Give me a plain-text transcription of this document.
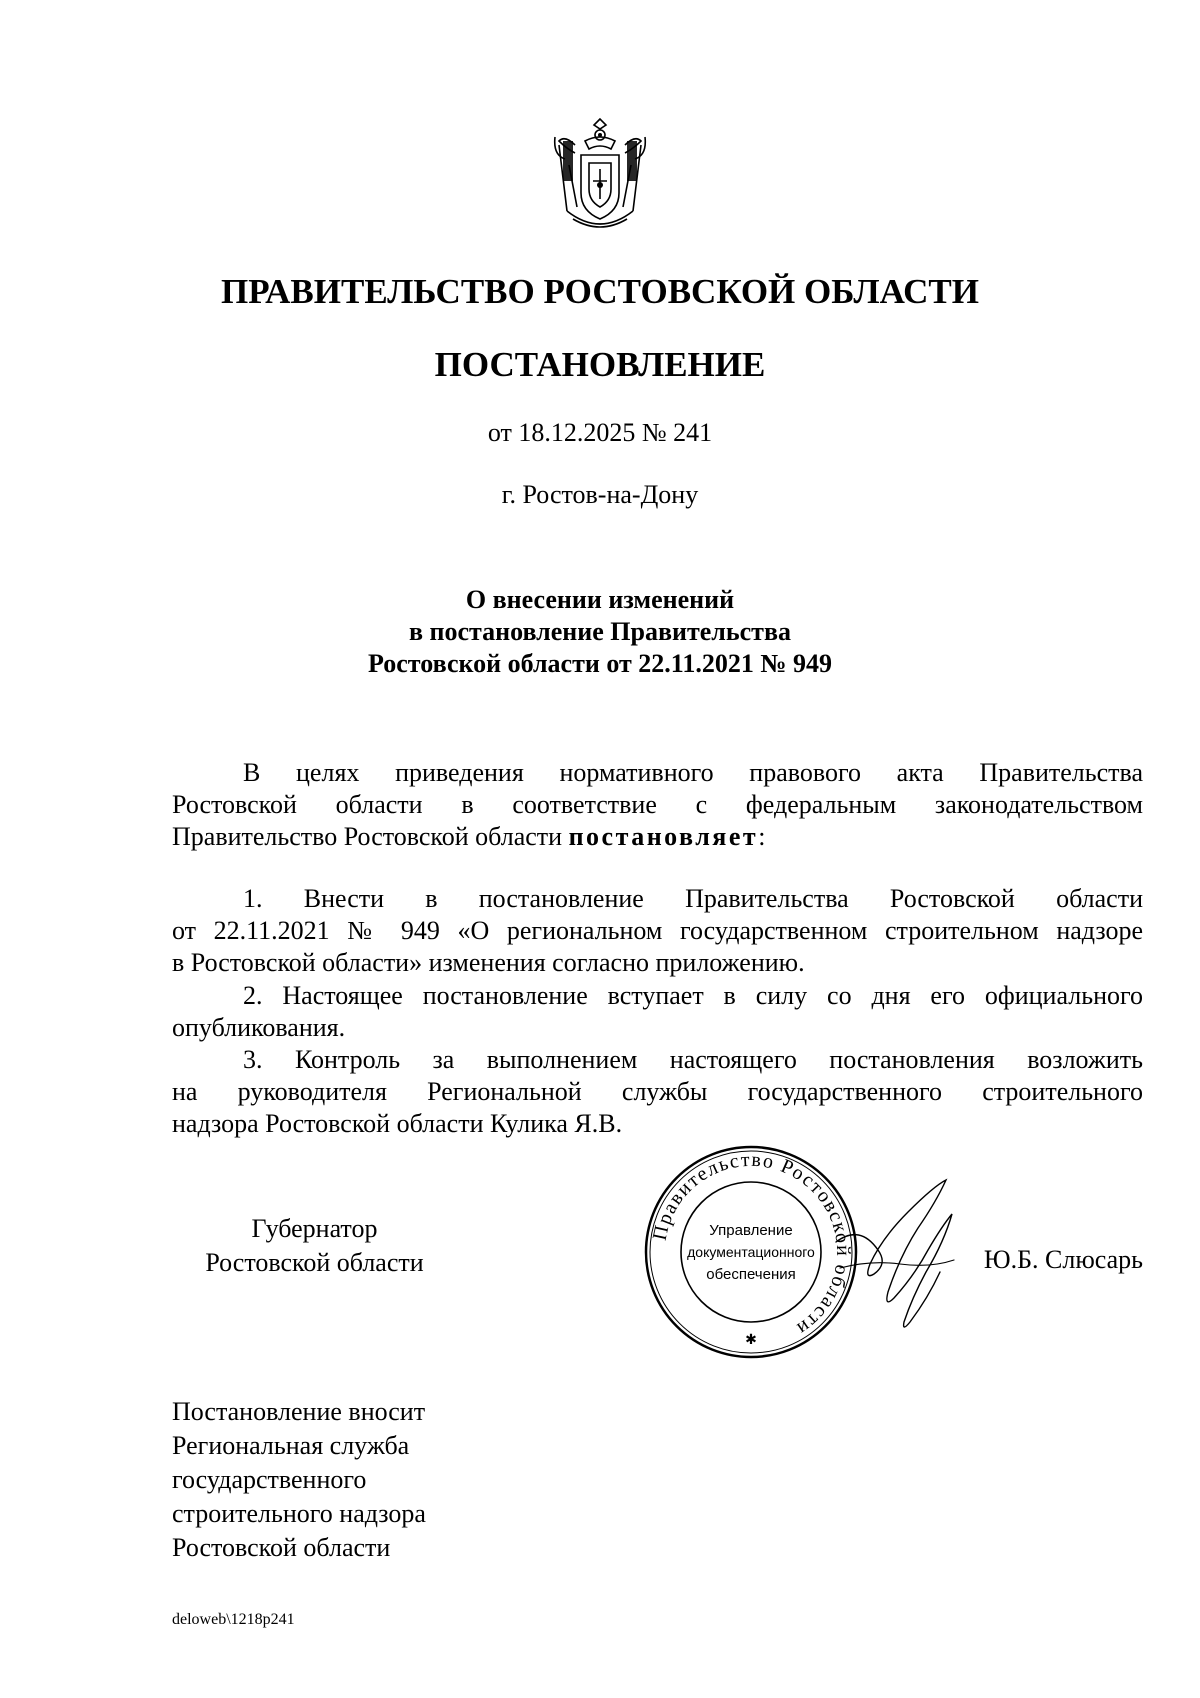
ПРАВИТЕЛЬСТВО РОСТОВСКОЙ ОБЛАСТИ
ПОСТАНОВЛЕНИЕ
от 18.12.2025 № 241
г. Ростов-на-Дону
О внесении изменений
в постановление Правительства
Ростовской области от 22.11.2021 № 949
В целях приведения нормативного правового акта Правительства
Ростовской области в соответствие с федеральным законодательством
Правительство Ростовской области постановляет:
1. Внести в постановление Правительства Ростовской области
от 22.11.2021 № 949 «О региональном государственном строительном надзоре
в Ростовской области» изменения согласно приложению.
2. Настоящее постановление вступает в силу со дня его официального
опубликования.
3. Контроль за выполнением настоящего постановления возложить
на руководителя Региональной службы государственного строительного
надзора Ростовской области Кулика Я.В.
Губернатор
Ростовской области
Правительство Ростовской области
Управление
документационного
обеспечения
✱
Ю.Б. Слюсарь
Постановление вносит
Региональная служба
государственного
строительного надзора
Ростовской области
deloweb\1218p241
